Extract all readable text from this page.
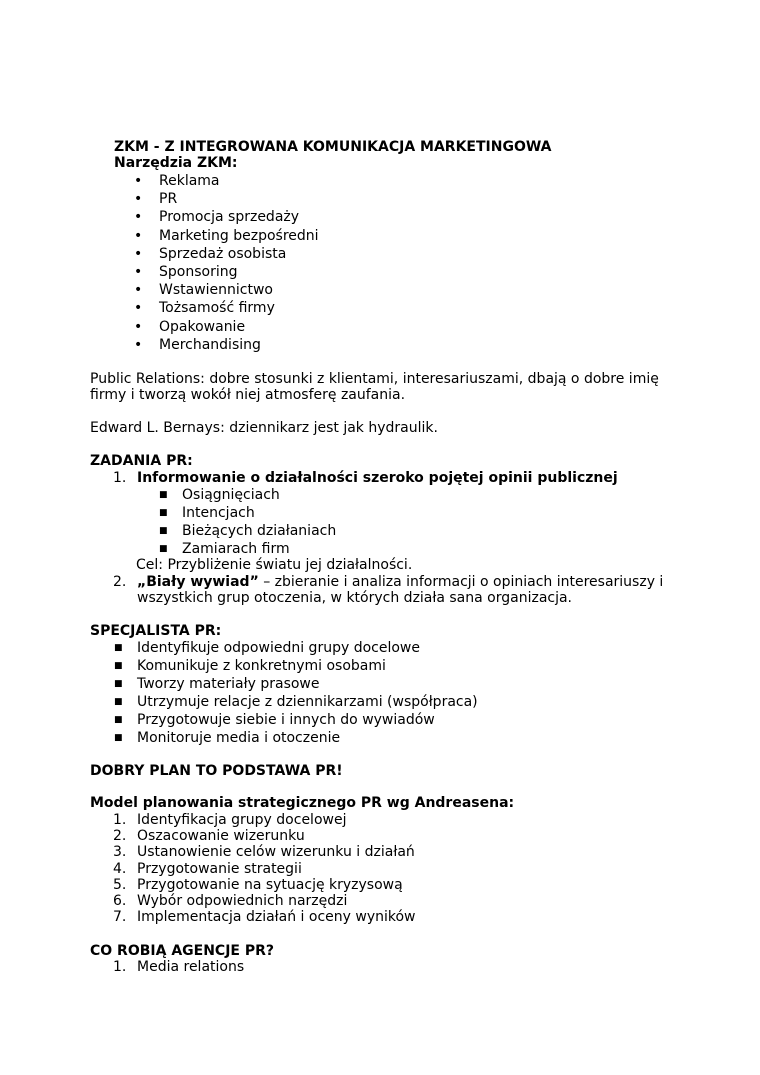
ZKM - Z INTEGROWANA KOMUNIKACJA MARKETINGOWA
Narzędzia ZKM:
• Reklama
• PR
• Promocja sprzedaży
• Marketing bezpośredni
• Sprzedaż osobista
• Sponsoring
• Wstawiennictwo
• Tożsamość firmy
• Opakowanie
• Merchandising
Public Relations: dobre stosunki z klientami, interesariuszami, dbają o dobre imię
firmy i tworzą wokół niej atmosferę zaufania.
Edward L. Bernays: dziennikarz jest jak hydraulik.
ZADANIA PR:
1. Informowanie o działalności szeroko pojętej opinii publicznej
■ Osiągnięciach
■ Intencjach
■ Bieżących działaniach
■ Zamiarach firm
Cel: Przybliżenie światu jej działalności.
2. „Biały wywiad” – zbieranie i analiza informacji o opiniach interesariuszy i
wszystkich grup otoczenia, w których działa sana organizacja.
SPECJALISTA PR:
■ Identyfikuje odpowiedni grupy docelowe
■ Komunikuje z konkretnymi osobami
■ Tworzy materiały prasowe
■ Utrzymuje relacje z dziennikarzami (współpraca)
■ Przygotowuje siebie i innych do wywiadów
■ Monitoruje media i otoczenie
DOBRY PLAN TO PODSTAWA PR!
Model planowania strategicznego PR wg Andreasena:
1. Identyfikacja grupy docelowej
2. Oszacowanie wizerunku
3. Ustanowienie celów wizerunku i działań
4. Przygotowanie strategii
5. Przygotowanie na sytuację kryzysową
6. Wybór odpowiednich narzędzi
7. Implementacja działań i oceny wyników
CO ROBIĄ AGENCJE PR?
1. Media relations
